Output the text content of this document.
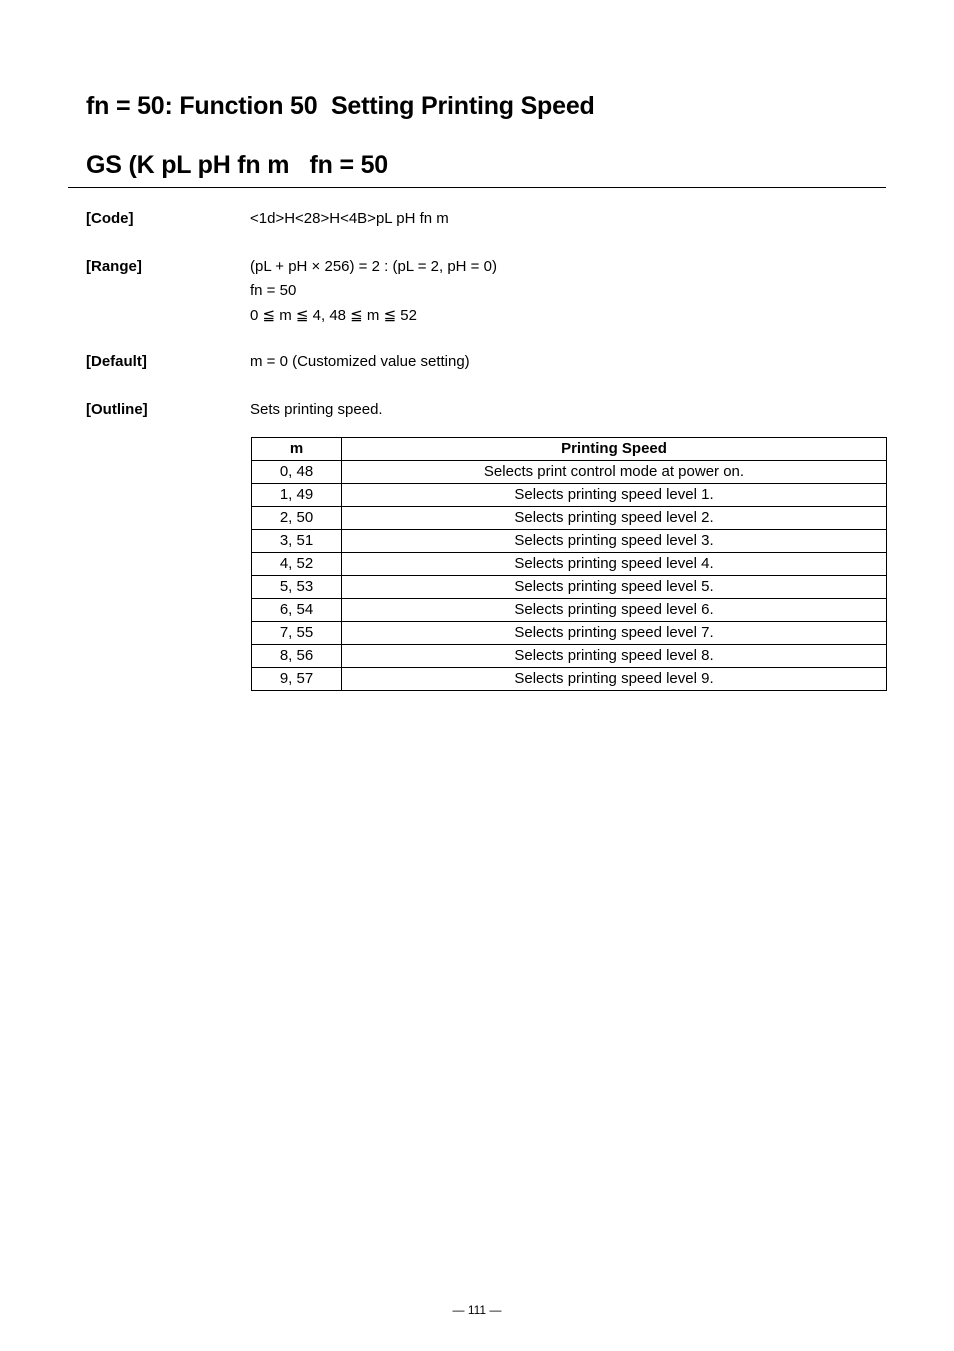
fn = 50: Function 50  Setting Printing Speed
GS (K pL pH fn m   fn = 50
[Code]	<1d>H<28>H<4B>pL pH fn m
[Range]	(pL + pH × 256) = 2 : (pL = 2, pH = 0)
fn = 50
0 ≦ m ≦ 4, 48 ≦ m ≦ 52
[Default]	m = 0 (Customized value setting)
[Outline]	Sets printing speed.
m	Printing Speed
0, 48	Selects print control mode at power on.
1, 49	Selects printing speed level 1.
2, 50	Selects printing speed level 2.
3, 51	Selects printing speed level 3.
4, 52	Selects printing speed level 4.
5, 53	Selects printing speed level 5.
6, 54	Selects printing speed level 6.
7, 55	Selects printing speed level 7.
8, 56	Selects printing speed level 8.
9, 57	Selects printing speed level 9.
— 111 —
